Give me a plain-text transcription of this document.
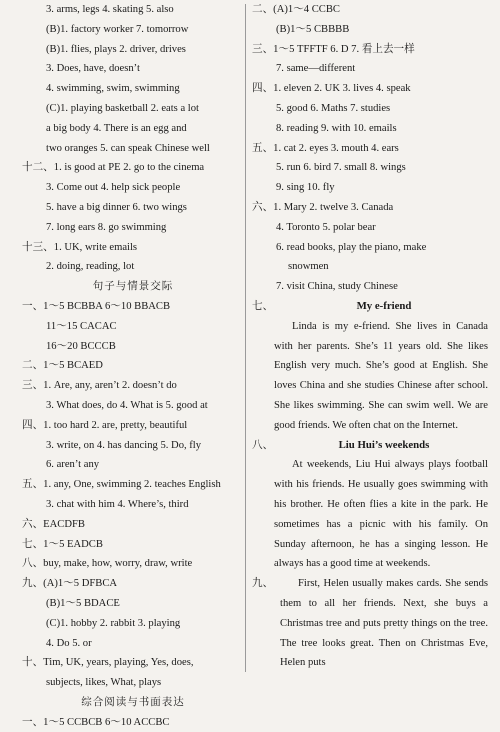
3. arms, legs 4. skating 5. also
(B)1. factory worker 7. tomorrow
(B)1. flies, plays 2. driver, drives
3. Does, have, doesn’t
4. swimming, swim, swimming
(C)1. playing basketball 2. eats a lot
a big body 4. There is an egg and
two oranges 5. can speak Chinese well
十二、1. is good at PE 2. go to the cinema
3. Come out 4. help sick people
5. have a big dinner 6. two wings
7. long ears 8. go swimming
十三、1. UK, write emails
2. doing, reading, lot
句子与情景交际
一、1～5 BCBBA 6～10 BBACB
11～15 CACAC
16～20 BCCCB
二、1～5 BCAED
三、1. Are, any, aren’t 2. doesn’t do
3. What does, do 4. What is 5. good at
四、1. too hard 2. are, pretty, beautiful
3. write, on 4. has dancing 5. Do, fly
6. aren’t any
五、1. any, One, swimming 2. teaches English
3. chat with him 4. Where’s, third
六、EACDFB
七、1～5 EADCB
八、buy, make, how, worry, draw, write
九、(A)1～5 DFBCA
(B)1～5 BDACE
(C)1. hobby 2. rabbit 3. playing
4. Do 5. or
十、Tim, UK, years, playing, Yes, does,
subjects, likes, What, plays
综合阅读与书面表达
一、1～5 CCBCB 6～10 ACCBC
二、(A)1～4 CCBC
(B)1～5 CBBBB
三、1～5 TFFTF 6. D 7. 看上去一样
7. same—different
四、1. eleven 2. UK 3. lives 4. speak
5. good 6. Maths 7. studies
8. reading 9. with 10. emails
五、1. cat 2. eyes 3. mouth 4. ears
5. run 6. bird 7. small 8. wings
9. sing 10. fly
六、1. Mary 2. twelve 3. Canada
4. Toronto 5. polar bear
6. read books, play the piano, make
snowmen
7. visit China, study Chinese
七、	My e-friend

Linda is my e-friend. She lives in Canada with her parents. She’s 11 years old. She likes English very much. She’s good at English. She loves China and she studies Chinese after school. She likes swimming. She can swim well. We are good friends. We often chat on the Internet.

八、	Liu Hui’s weekends

At weekends, Liu Hui always plays football with his friends. He usually goes swimming with his brother. He often flies a kite in the park. He sometimes has a picnic with his family. On Sunday afternoon, he has a singing lesson. He always has a good time at weekends.

九、	First, Helen usually makes cards. She sends them to all her friends. Next, she buys a Christmas tree and puts pretty things on the tree. The tree looks great. Then on Christmas Eve, Helen puts
